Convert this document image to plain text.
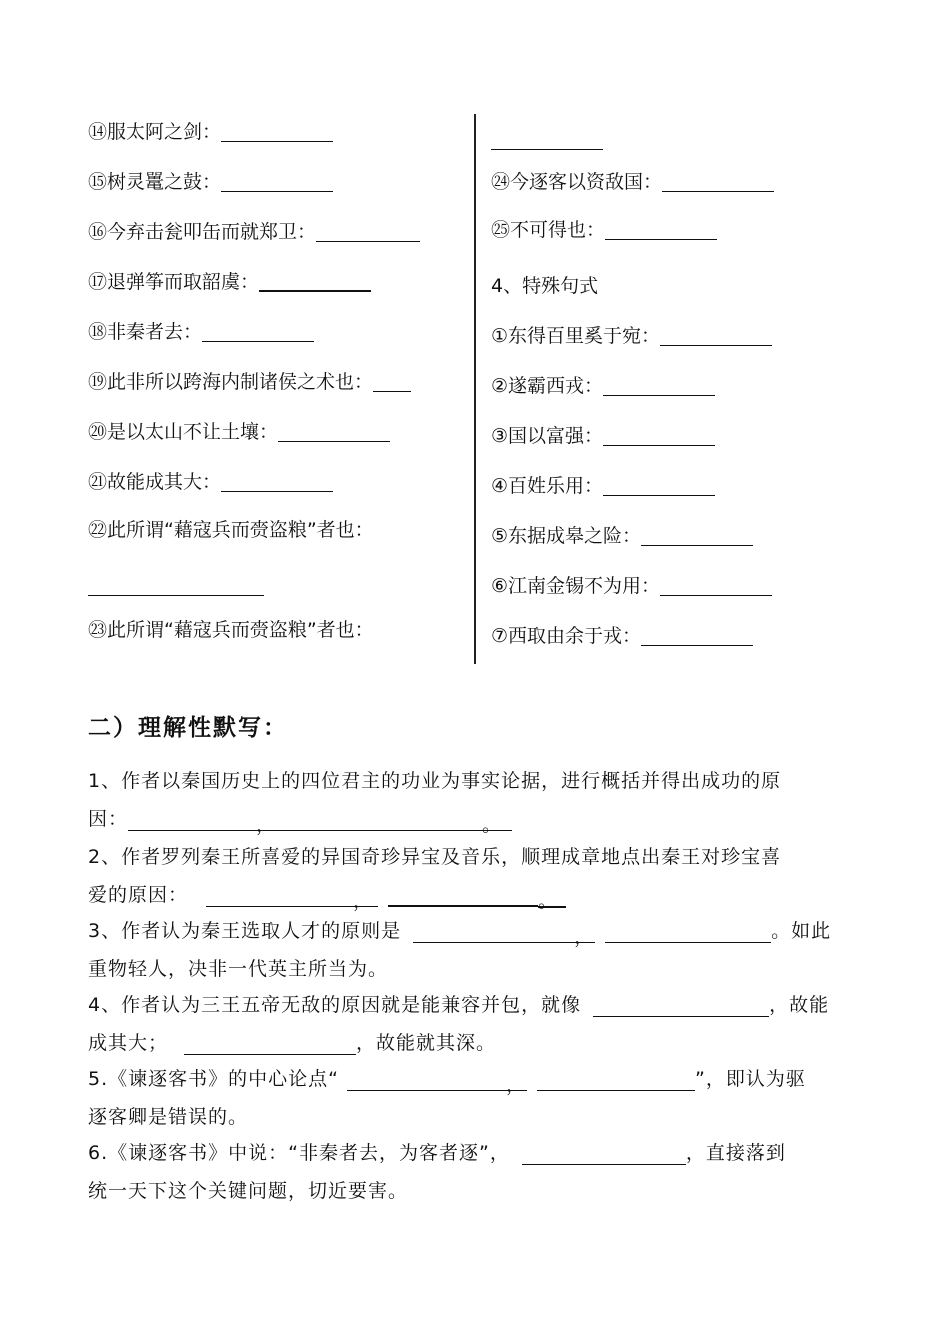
⑭服太阿之剑：
⑮树灵鼍之鼓：
⑯今弃击瓮叩缶而就郑卫：
⑰退弹筝而取韶虞：
⑱非秦者去：
⑲此非所以跨海内制诸侯之术也：
⑳是以太山不让土壤：
㉑故能成其大：
㉒此所谓“藉寇兵而赍盗粮”者也：
㉓此所谓“藉寇兵而赍盗粮”者也：
㉔今逐客以资敌国：
㉕不可得也：
4、特殊句式
①东得百里奚于宛：
②遂霸西戎：
③国以富强：
④百姓乐用：
⑤东据成皋之险：
⑥江南金锡不为用：
⑦西取由余于戎：
二）理解性默写：
1、作者以秦国历史上的四位君主的功业为事实论据，进行概括并得出成功的原
因：	，	。
2、作者罗列秦王所喜爱的异国奇珍异宝及音乐，顺理成章地点出秦王对珍宝喜
爱的原因：	，	。
3、作者认为秦王选取人才的原则是	，	。如此
重物轻人，决非一代英主所当为。
4、作者认为三王五帝无敌的原因就是能兼容并包，就像	，故能
成其大；	，故能就其深。
5.《谏逐客书》的中心论点“	，	”，即认为驱
逐客卿是错误的。
6.《谏逐客书》中说：“非秦者去，为客者逐”，	，直接落到
统一天下这个关键问题，切近要害。
